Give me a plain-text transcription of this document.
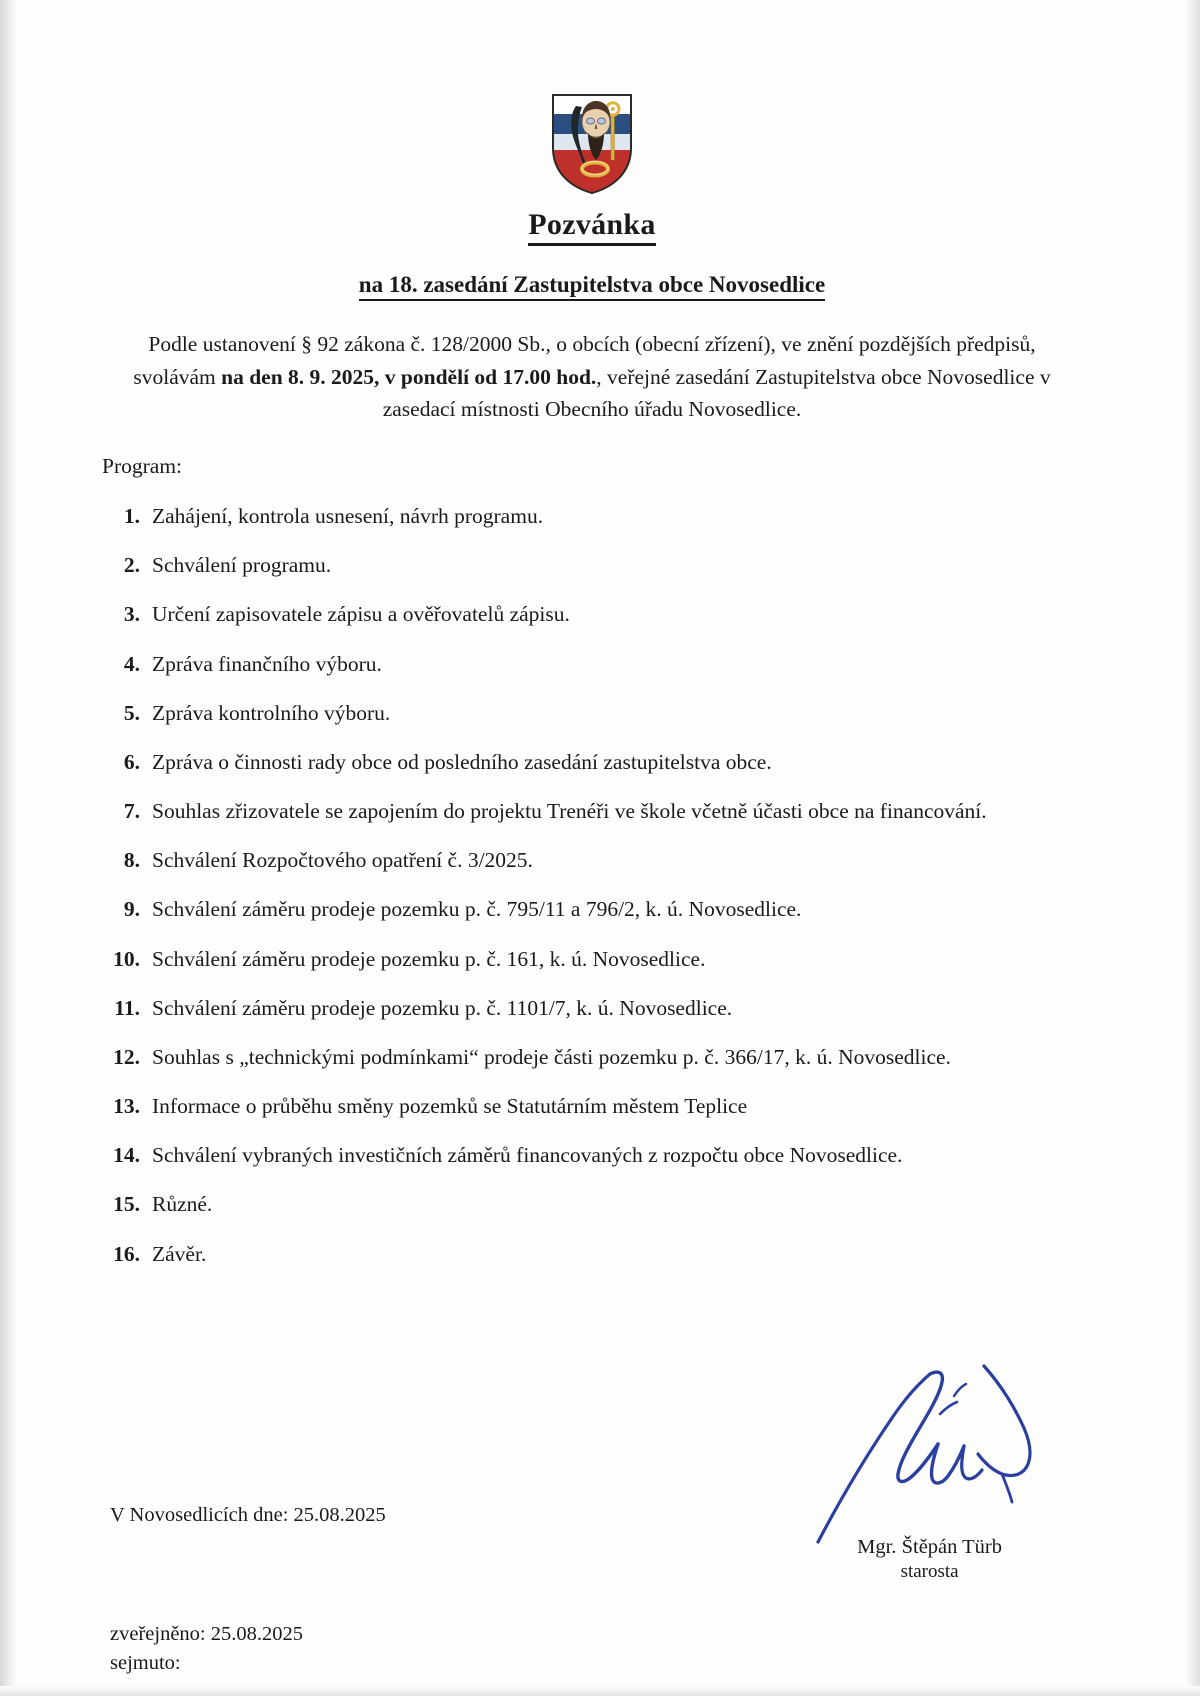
Pozvánka
na 18. zasedání Zastupitelstva obce Novosedlice

Podle ustanovení § 92 zákona č. 128/2000 Sb., o obcích (obecní zřízení), ve znění pozdějších předpisů, svolávám na den 8. 9. 2025, v pondělí od 17.00 hod., veřejné zasedání Zastupitelstva obce Novosedlice v zasedací místnosti Obecního úřadu Novosedlice.

Program:
1. Zahájení, kontrola usnesení, návrh programu.
2. Schválení programu.
3. Určení zapisovatele zápisu a ověřovatelů zápisu.
4. Zpráva finančního výboru.
5. Zpráva kontrolního výboru.
6. Zpráva o činnosti rady obce od posledního zasedání zastupitelstva obce.
7. Souhlas zřizovatele se zapojením do projektu Trenéři ve škole včetně účasti obce na financování.
8. Schválení Rozpočtového opatření č. 3/2025.
9. Schválení záměru prodeje pozemku p. č. 795/11 a 796/2, k. ú. Novosedlice.
10. Schválení záměru prodeje pozemku p. č. 161, k. ú. Novosedlice.
11. Schválení záměru prodeje pozemku p. č. 1101/7, k. ú. Novosedlice.
12. Souhlas s „technickými podmínkami“ prodeje části pozemku p. č. 366/17, k. ú. Novosedlice.
13. Informace o průběhu směny pozemků se Statutárním městem Teplice
14. Schválení vybraných investičních záměrů financovaných z rozpočtu obce Novosedlice.
15. Různé.
16. Závěr.
V Novosedlicích dne: 25.08.2025
Mgr. Štěpán Türb
starosta
zveřejněno: 25.08.2025
sejmuto:
